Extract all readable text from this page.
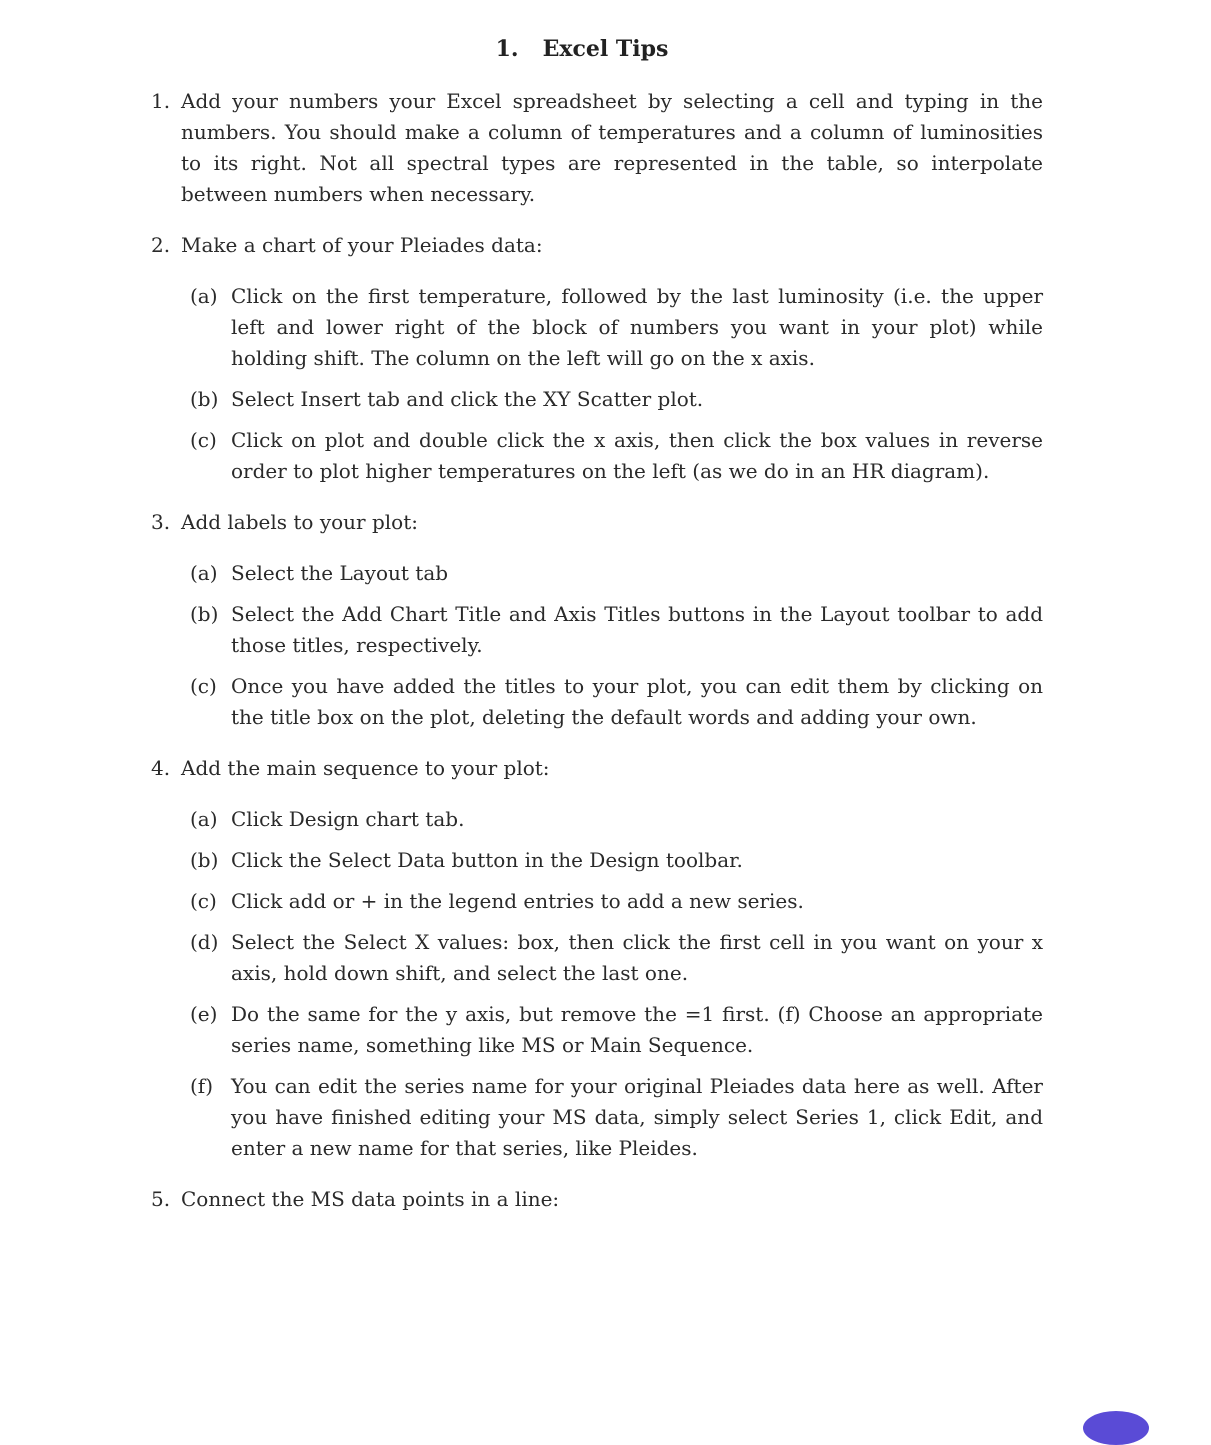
1. Excel Tips
1. Add your numbers your Excel spreadsheet by selecting a cell and typing in the numbers. You should make a column of temperatures and a column of luminosities to its right. Not all spectral types are represented in the table, so interpolate between numbers when necessary.
2. Make a chart of your Pleiades data:
(a) Click on the first temperature, followed by the last luminosity (i.e. the upper left and lower right of the block of numbers you want in your plot) while holding shift. The column on the left will go on the x axis.
(b) Select Insert tab and click the XY Scatter plot.
(c) Click on plot and double click the x axis, then click the box values in reverse order to plot higher temperatures on the left (as we do in an HR diagram).
3. Add labels to your plot:
(a) Select the Layout tab
(b) Select the Add Chart Title and Axis Titles buttons in the Layout toolbar to add those titles, respectively.
(c) Once you have added the titles to your plot, you can edit them by clicking on the title box on the plot, deleting the default words and adding your own.
4. Add the main sequence to your plot:
(a) Click Design chart tab.
(b) Click the Select Data button in the Design toolbar.
(c) Click add or + in the legend entries to add a new series.
(d) Select the Select X values: box, then click the first cell in you want on your x axis, hold down shift, and select the last one.
(e) Do the same for the y axis, but remove the =1 first. (f) Choose an appropriate series name, something like MS or Main Sequence.
(f) You can edit the series name for your original Pleiades data here as well. After you have finished editing your MS data, simply select Series 1, click Edit, and enter a new name for that series, like Pleides.
5. Connect the MS data points in a line:
